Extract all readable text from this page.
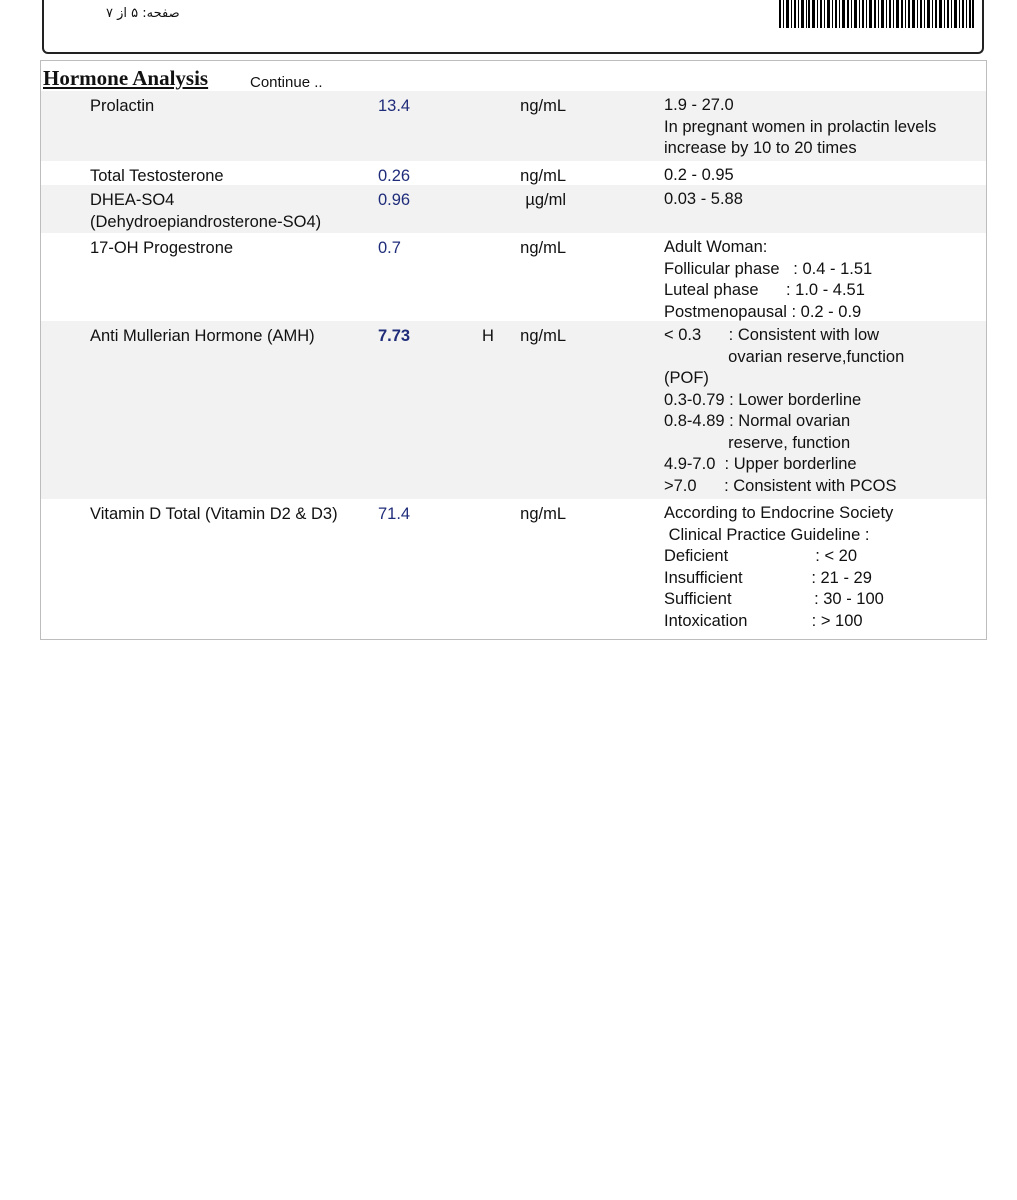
صفحه: ۵ از ۷
Hormone Analysis	Continue ..
Prolactin	13.4	ng/mL	1.9 - 27.0
In pregnant women in prolactin levels
increase by 10 to 20 times
Total Testosterone	0.26	ng/mL	0.2 - 0.95
DHEA-SO4
(Dehydroepiandrosterone-SO4)
0.96	µg/ml	0.03 - 5.88
17-OH Progestrone	0.7	ng/mL	Adult Woman:
Follicular phase   : 0.4 - 1.51
Luteal phase      : 1.0 - 4.51
Postmenopausal : 0.2 - 0.9
Anti Mullerian Hormone (AMH)	7.73	H	ng/mL	< 0.3      : Consistent with low
ovarian reserve,function
(POF)
0.3-0.79 : Lower borderline
0.8-4.89 : Normal ovarian
reserve, function
4.9-7.0  : Upper borderline
>7.0      : Consistent with PCOS
Vitamin D Total (Vitamin D2 & D3)	71.4	ng/mL	According to Endocrine Society
Clinical Practice Guideline :
Deficient                   : < 20
Insufficient               : 21 - 29
Sufficient                  : 30 - 100
Intoxication              : > 100
